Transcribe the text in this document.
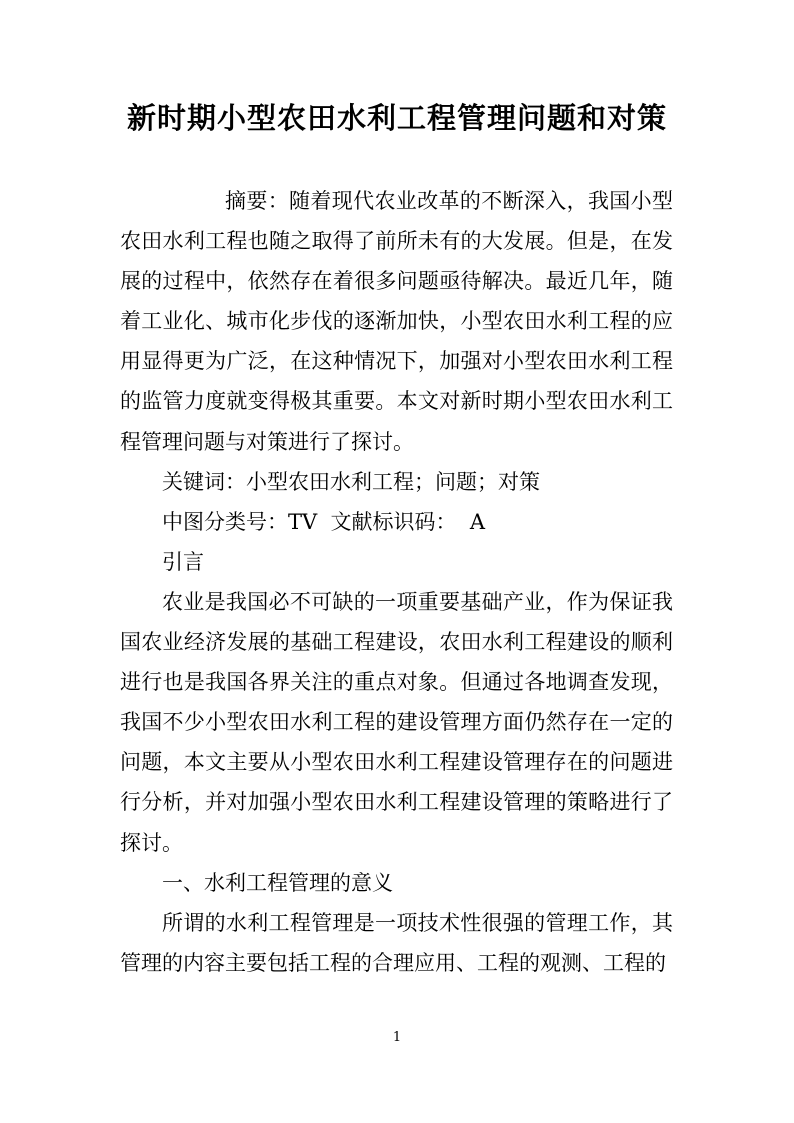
新时期小型农田水利工程管理问题和对策

摘要：随着现代农业改革的不断深入，我国小型农田水利工程也随之取得了前所未有的大发展。但是，在发展的过程中，依然存在着很多问题亟待解决。最近几年，随着工业化、城市化步伐的逐渐加快，小型农田水利工程的应用显得更为广泛，在这种情况下，加强对小型农田水利工程的监管力度就变得极其重要。本文对新时期小型农田水利工程管理问题与对策进行了探讨。

关键词：小型农田水利工程；问题；对策

中图分类号：TV  文献标识码：  A

引言

农业是我国必不可缺的一项重要基础产业，作为保证我国农业经济发展的基础工程建设，农田水利工程建设的顺利进行也是我国各界关注的重点对象。但通过各地调查发现，我国不少小型农田水利工程的建设管理方面仍然存在一定的问题，本文主要从小型农田水利工程建设管理存在的问题进行分析，并对加强小型农田水利工程建设管理的策略进行了探讨。

一、水利工程管理的意义

所谓的水利工程管理是一项技术性很强的管理工作，其管理的内容主要包括工程的合理应用、工程的观测、工程的

1
